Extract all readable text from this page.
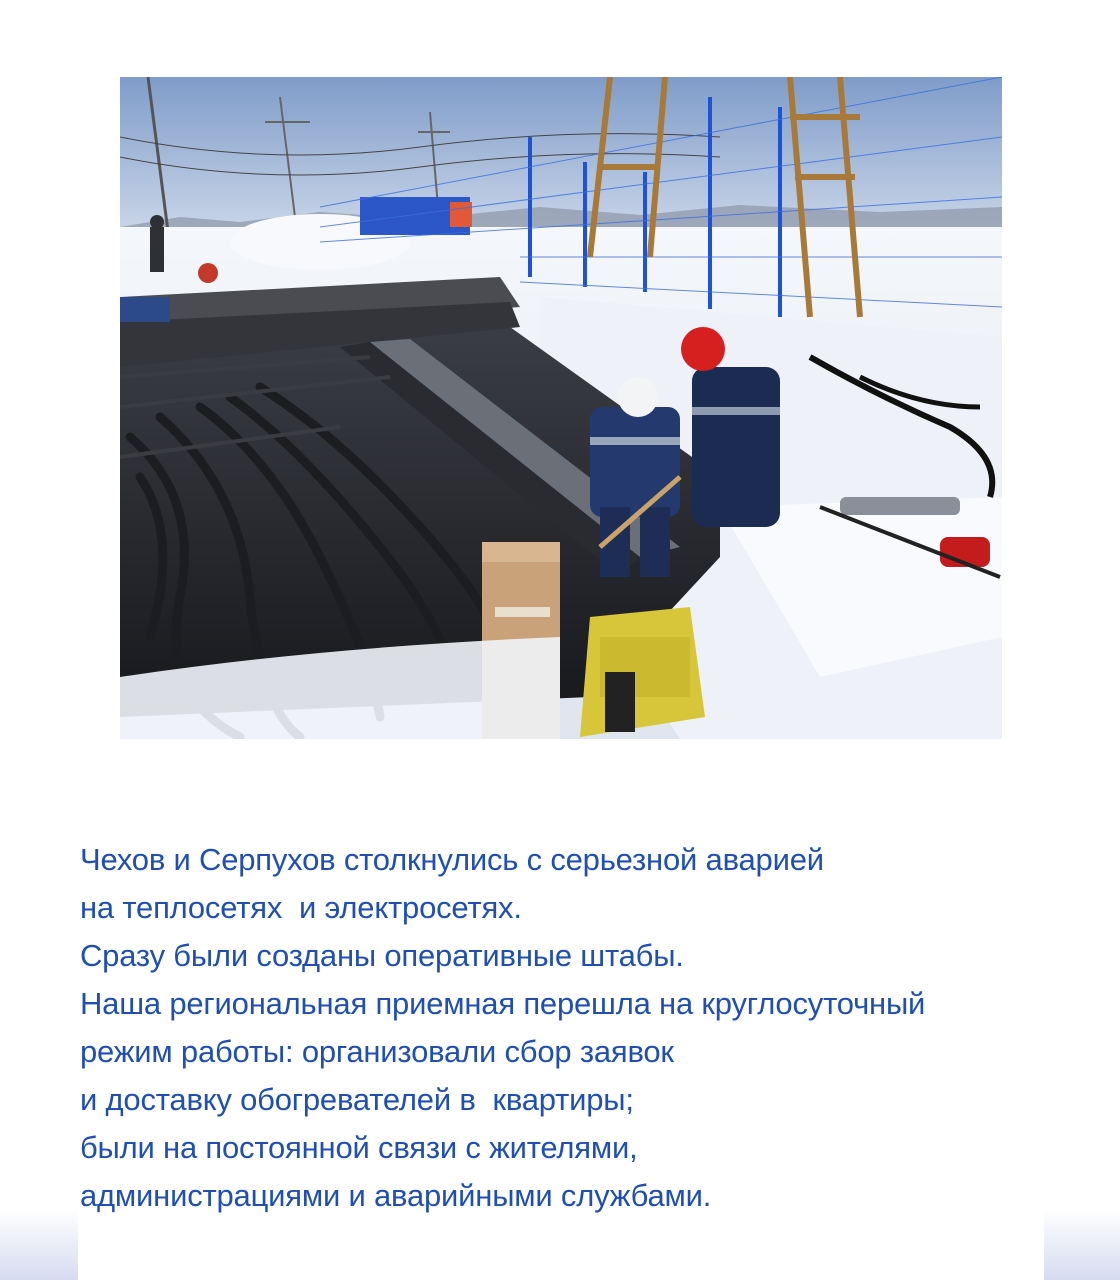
Чехов и Серпухов столкнулись с серьезной аварией
на теплосетях  и электросетях.
Сразу были созданы оперативные штабы.
Наша региональная приемная перешла на круглосуточный
режим работы: организовали сбор заявок
и доставку обогревателей в  квартиры;
были на постоянной связи с жителями,
администрациями и аварийными службами.
